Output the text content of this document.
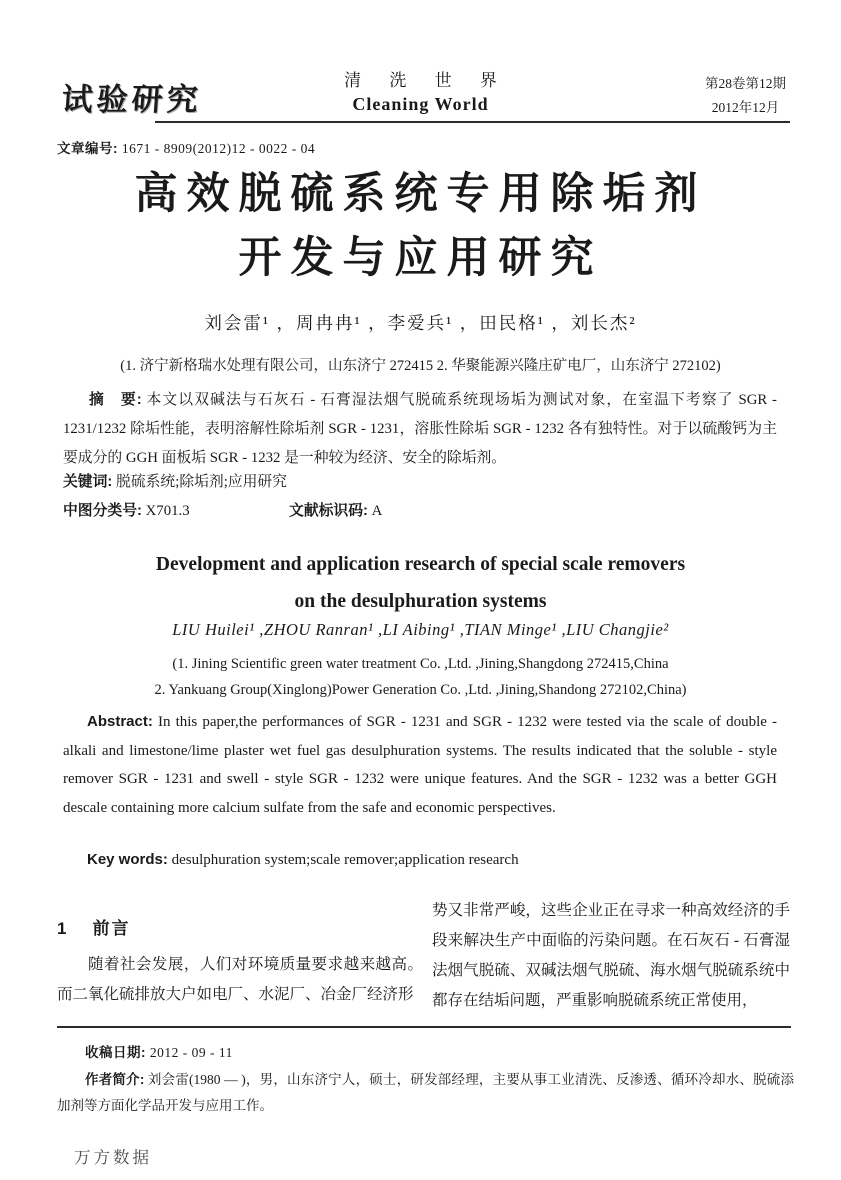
试验研究
清 洗 世 界
Cleaning World
第28卷第12期
2012年12月
文章编号: 1671 - 8909(2012)12 - 0022 - 04
高效脱硫系统专用除垢剂
开发与应用研究
刘会雷¹ ，周冉冉¹ ，李爱兵¹ ，田民格¹ ，刘长杰²
(1. 济宁新格瑞水处理有限公司，山东济宁 272415 2. 华聚能源兴隆庄矿电厂，山东济宁 272102)
摘　要: 本文以双碱法与石灰石 - 石膏湿法烟气脱硫系统现场垢为测试对象，在室温下考察了 SGR - 1231/1232 除垢性能，表明溶解性除垢剂 SGR - 1231，溶胀性除垢 SGR - 1232 各有独特性。对于以硫酸钙为主要成分的 GGH 面板垢 SGR - 1232 是一种较为经济、安全的除垢剂。
关键词: 脱硫系统;除垢剂;应用研究
中图分类号: X701.3	文献标识码: A
Development and application research of special scale removers
on the desulphuration systems
LIU Huilei¹ ,ZHOU Ranran¹ ,LI Aibing¹ ,TIAN Minge¹ ,LIU Changjie²
(1. Jining Scientific green water treatment Co. ,Ltd. ,Jining,Shangdong 272415,China
2. Yankuang Group(Xinglong)Power Generation Co. ,Ltd. ,Jining,Shandong 272102,China)
Abstract: In this paper,the performances of SGR - 1231 and SGR - 1232 were tested via the scale of double - alkali and limestone/lime plaster wet fuel gas desulphuration systems. The results indicated that the soluble - style remover SGR - 1231 and swell - style SGR - 1232 were unique features. And the SGR - 1232 was a better GGH descale containing more calcium sulfate from the safe and economic perspectives.
Key words: desulphuration system;scale remover;application research
1 前言
随着社会发展，人们对环境质量要求越来越高。而二氧化硫排放大户如电厂、水泥厂、冶金厂经济形
势又非常严峻，这些企业正在寻求一种高效经济的手段来解决生产中面临的污染问题。在石灰石 - 石膏湿法烟气脱硫、双碱法烟气脱硫、海水烟气脱硫系统中都存在结垢问题，严重影响脱硫系统正常使用，
收稿日期: 2012 - 09 - 11
作者简介: 刘会雷(1980 — )，男，山东济宁人，硕士，研发部经理，主要从事工业清洗、反渗透、循环冷却水、脱硫添加剂等方面化学品开发与应用工作。
万方数据
